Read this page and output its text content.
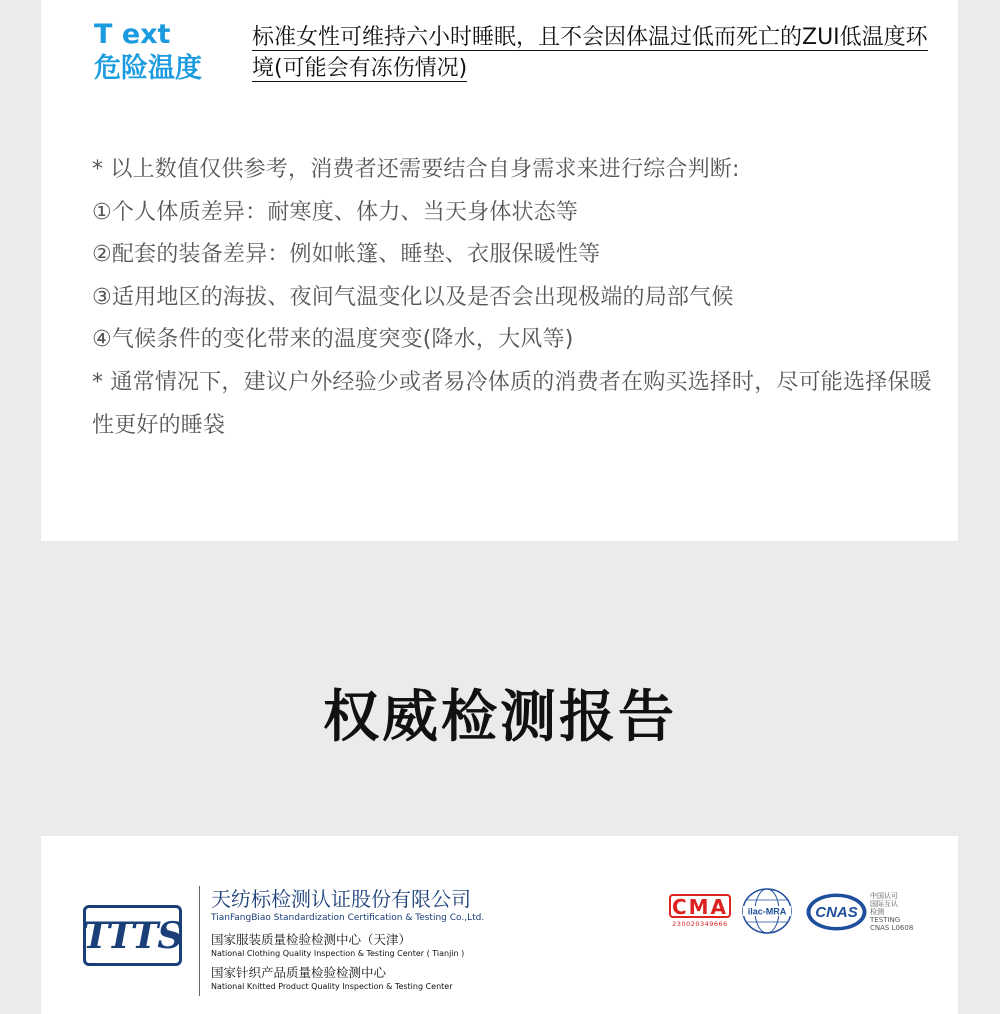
T ext
危险温度
标准女性可维持六小时睡眠，且不会因体温过低而死亡的ZUI低温度环境(可能会有冻伤情况)

* 以上数值仅供参考，消费者还需要结合自身需求来进行综合判断:

①个人体质差异：耐寒度、体力、当天身体状态等

②配套的装备差异：例如帐篷、睡垫、衣服保暖性等

③适用地区的海拔、夜间气温变化以及是否会出现极端的局部气候

④气候条件的变化带来的温度突变(降水，大风等)

* 通常情况下，建议户外经验少或者易冷体质的消费者在购买选择时，尽可能选择保暖性更好的睡袋

权威检测报告
TTTS
天纺标检测认证股份有限公司
TianFangBiao Standardization Certification & Testing Co.,Ltd.
国家服装质量检验检测中心（天津）
National Clothing Quality Inspection & Testing Center ( Tianjin )
国家针织产品质量检验检测中心
National Knitted Product Quality Inspection & Testing Center
CMA
230020349666
ilac-MRA CNAS
中国认可
国际互认
检测
TESTING
CNAS L0608
